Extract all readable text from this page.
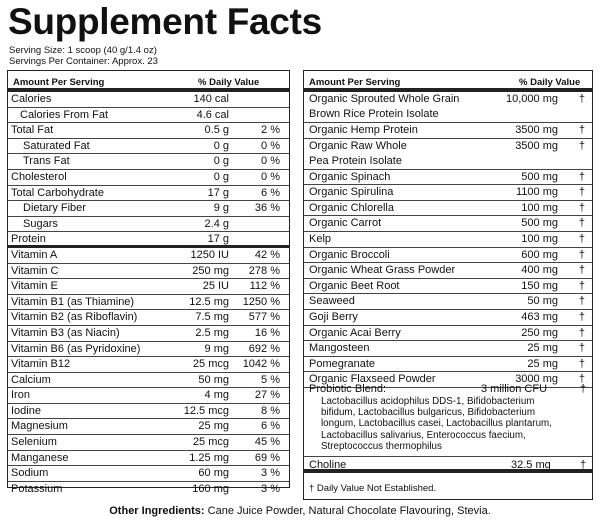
Supplement Facts
Serving Size: 1 scoop (40 g/1.4 oz)
Servings Per Container: Approx. 23
Amount Per Serving	% Daily Value
Calories	140 cal
Calories From Fat	4.6 cal
Total Fat	0.5 g	2 %
Saturated Fat	0 g	0 %
Trans Fat	0 g	0 %
Cholesterol	0 g	0 %
Total Carbohydrate	17 g	6 %
Dietary Fiber	9 g 36 %
Sugars	2.4 g
Protein	17 g
Vitamin A	1250 IU 42 %
Vitamin C	250 mg 278 %
Vitamin E	25 IU 112 %
Vitamin B1 (as Thiamine)	12.5 mg 1250 %
Vitamin B2 (as Riboflavin)	7.5 mg 577 %
Vitamin B3 (as Niacin)	2.5 mg 16 %
Vitamin B6 (as Pyridoxine)	9 mg 692 %
Vitamin B12	25 mcg 1042 %
Calcium	50 mg	5 %
Iron	4 mg 27 %
Iodine	12.5 mcg	8 %
Magnesium	25 mg	6 %
Selenium	25 mcg 45 %
Manganese	1.25 mg 69 %
Sodium	60 mg	3 %
Potassium	160 mg	3 %
Amount Per Serving	% Daily Value
Organic Sprouted Whole Grain
Brown Rice Protein Isolate
10,000 mg †
Organic Hemp Protein	3500 mg †
Organic Raw Whole
Pea Protein Isolate
3500 mg †
Organic Spinach	500 mg †
Organic Spirulina	1100 mg †
Organic Chlorella	100 mg †
Organic Carrot	500 mg †
Kelp	100 mg †
Organic Broccoli	600 mg †
Organic Wheat Grass Powder	400 mg †
Organic Beet Root	150 mg †
Seaweed	50 mg †
Goji Berry	463 mg †
Organic Acai Berry	250 mg †
Mangosteen	25 mg †
Pomegranate	25 mg †
Organic Flaxseed Powder	3000 mg †
Probiotic Blend:	3 million CFU	†
Lactobacillus acidophilus DDS-1, Bifidobacterium
bifidum, Lactobacillus bulgaricus, Bifidobacterium
longum, Lactobacillus casei, Lactobacillus plantarum,
Lactobacillus salivarius, Enterococcus faecium,
Streptococcus thermophilus
Choline	32.5 mg	†
† Daily Value Not Established.
Other Ingredients: Cane Juice Powder, Natural Chocolate Flavouring, Stevia.
